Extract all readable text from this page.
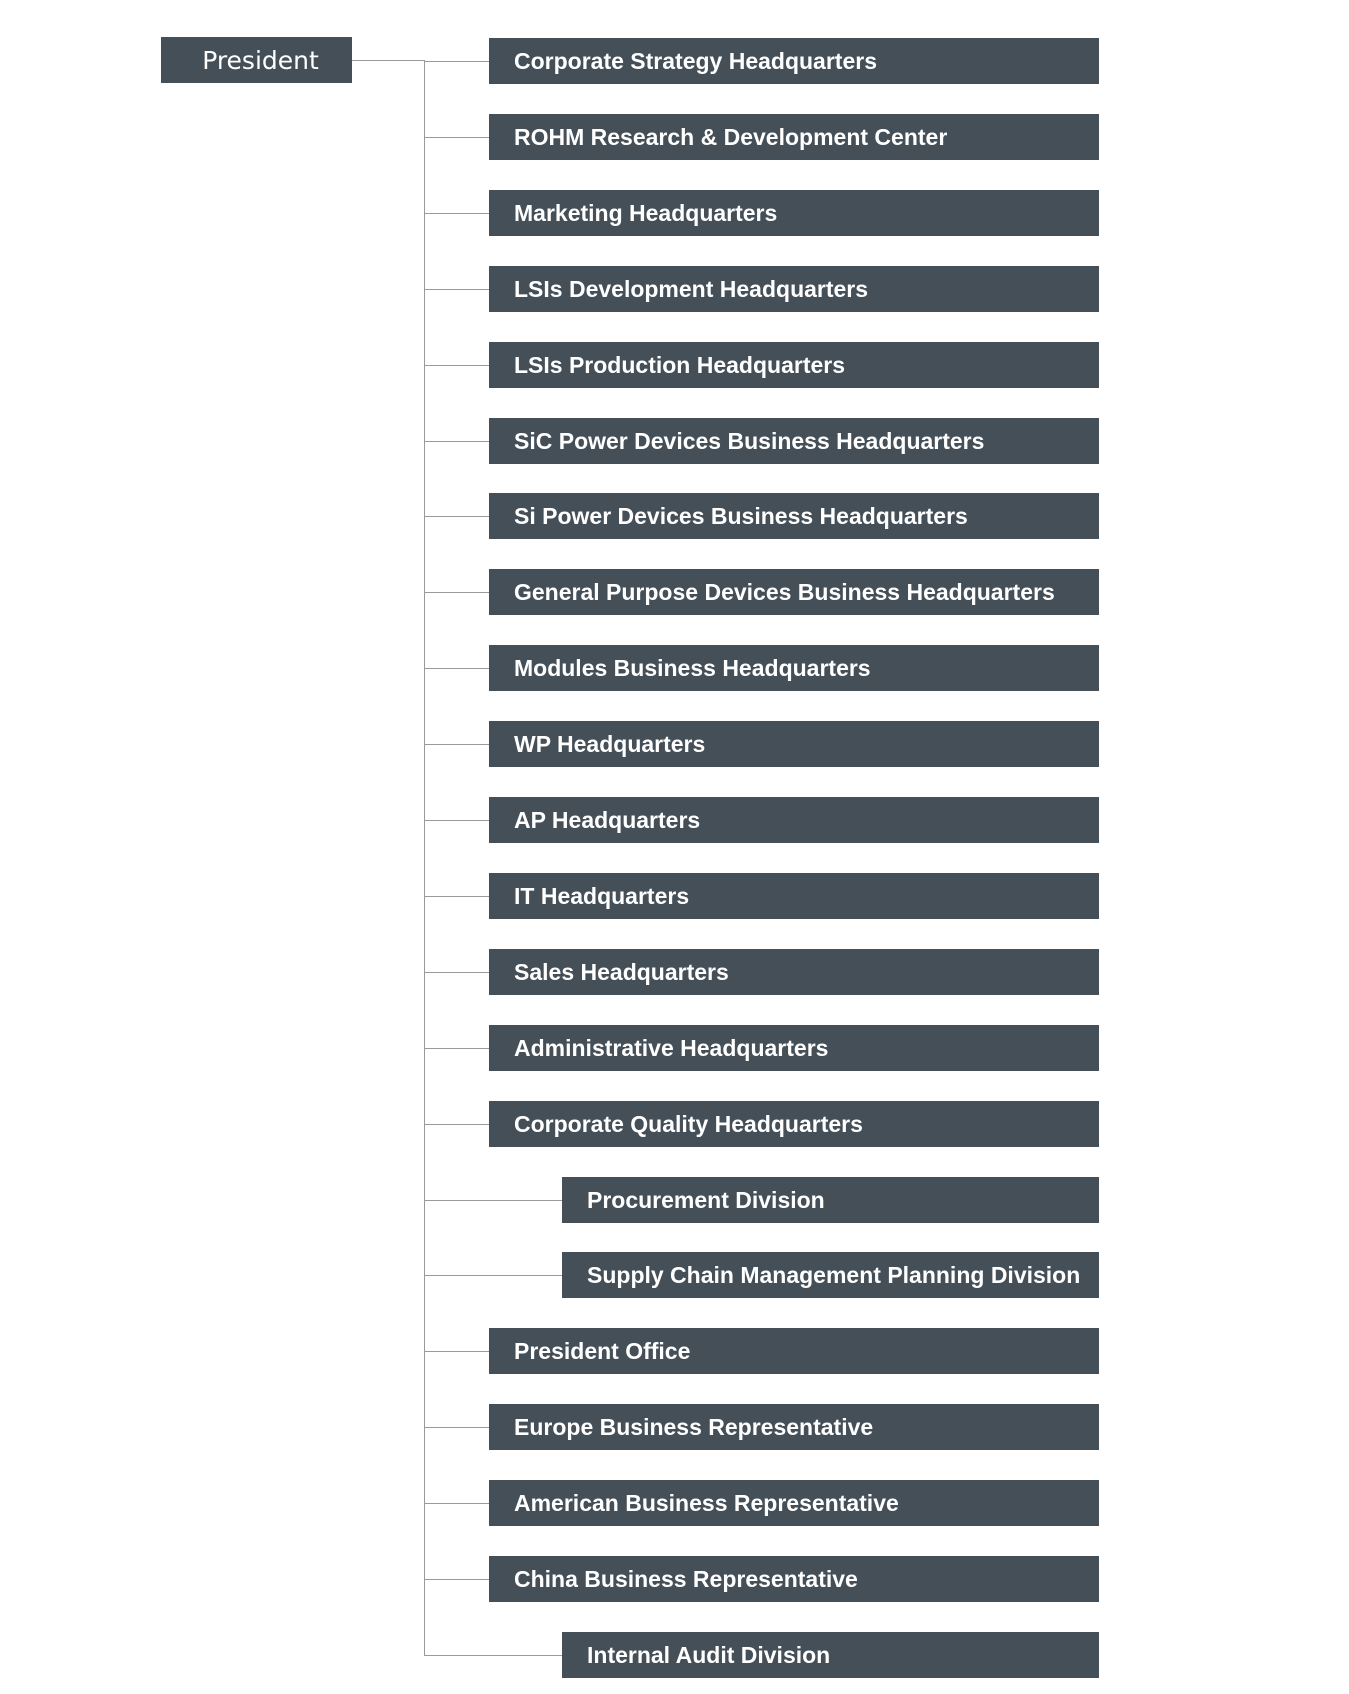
President	Corporate Strategy Headquarters
ROHM Research & Development Center
Marketing Headquarters
LSIs Development Headquarters
LSIs Production Headquarters
SiC Power Devices Business Headquarters
Si Power Devices Business Headquarters
General Purpose Devices Business Headquarters
Modules Business Headquarters
WP Headquarters
AP Headquarters
IT Headquarters
Sales Headquarters
Administrative Headquarters
Corporate Quality Headquarters
Procurement Division
Supply Chain Management Planning Division
President Office
Europe Business Representative
American Business Representative
China Business Representative
Internal Audit Division
